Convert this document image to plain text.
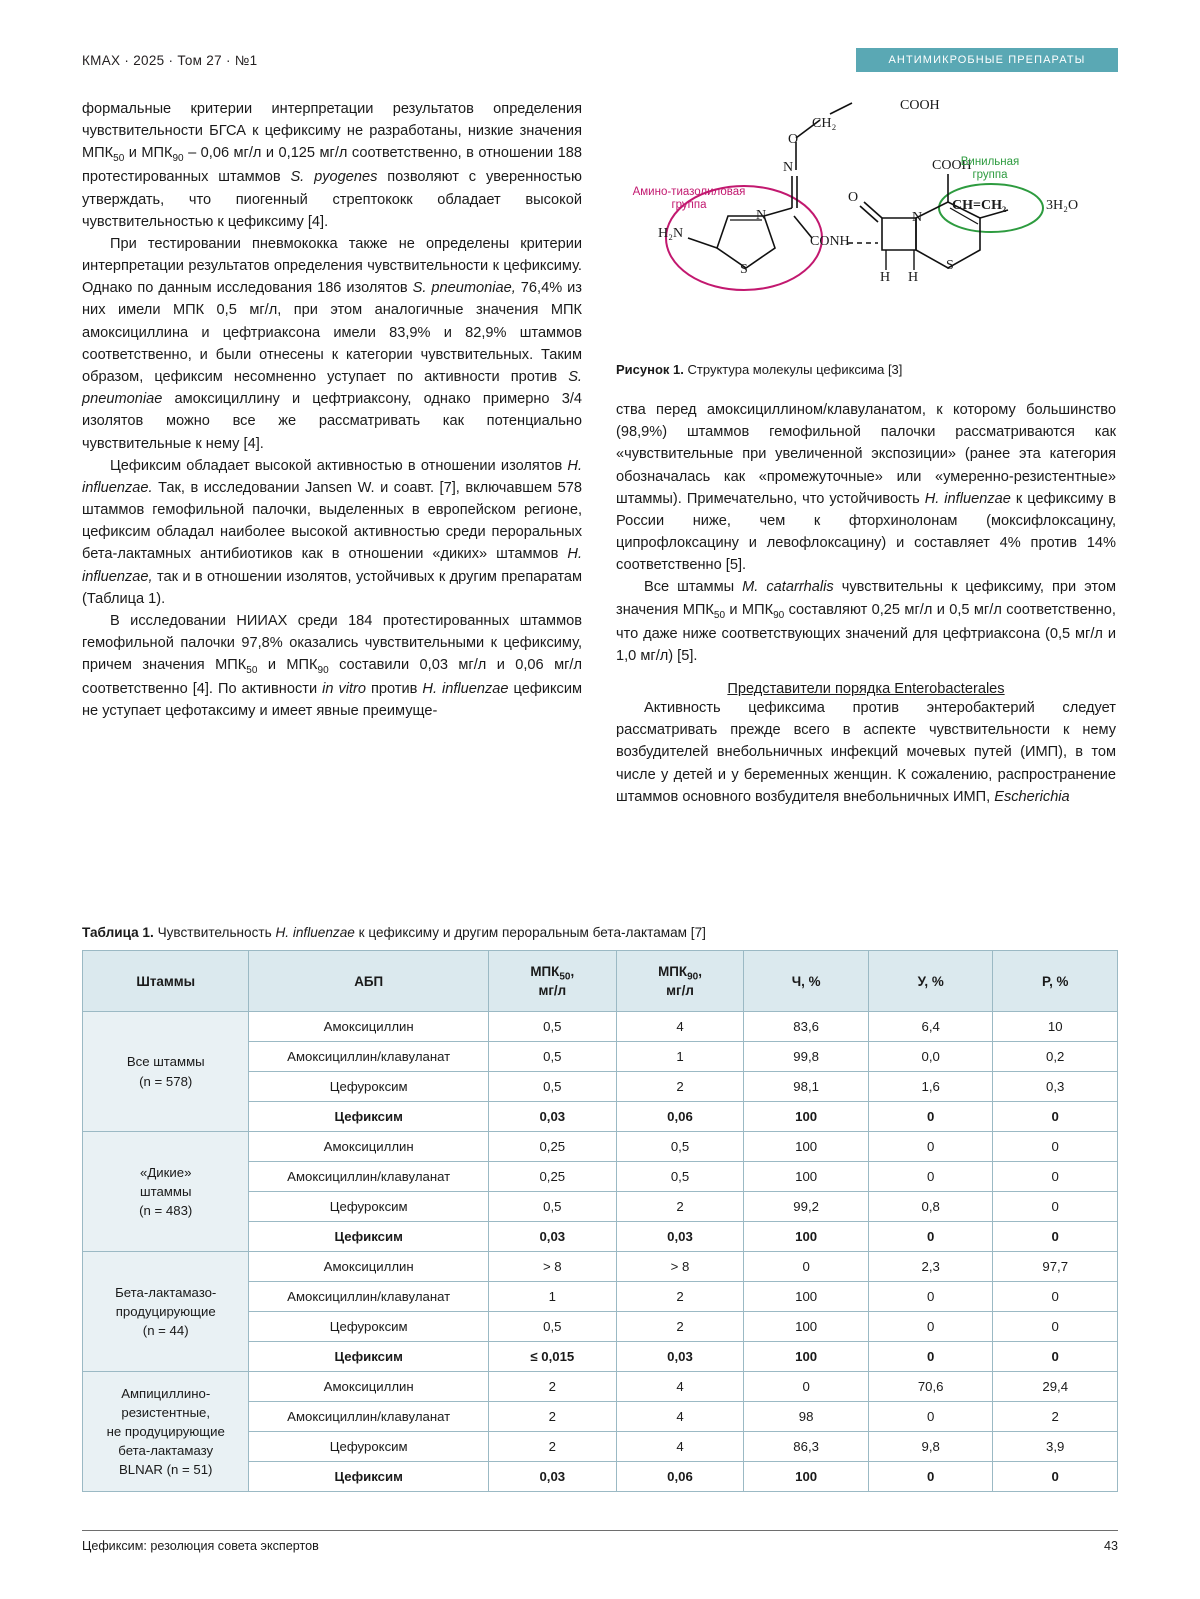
КМАХ · 2025 · Том 27 · №1	АНТИМИКРОБНЫЕ ПРЕПАРАТЫ

формальные критерии интерпретации результатов определения чувствительности БГСА к цефиксиму не разработаны, низкие значения $МПК_{50}$ и $МПК_{90} - 0,06$ мг/л и 0,125 мг/л соответственно, в отношении 188 протестированных штаммов S. pyogenes позволяют с уверенностью утверждать, что пиогенный стрептококк обладает высокой чувствительностью к цефиксиму [4].

При тестировании пневмококка также не определены критерии интерпретации результатов определения чувствительности к цефиксиму. Однако по данным исследования 186 изолятов S. pneumoniae, 76,4% из них имели МПК 0,5 мг/л, при этом аналогичные значения МПК амоксициллина и цефтриаксона имели 83,9% и 82,9% штаммов соответственно, и были отнесены к категории чувствительных. Таким образом, цефиксим несомненно уступает по активности против S. pneumoniae амоксициллину и цефтриаксону, однако примерно 3/4 изолятов можно все же рассматривать как потенциально чувствительные к нему [4].

Цефиксим обладает высокой активностью в отношении изолятов H. influenzae. Так, в исследовании Jansen W. и соавт. [7], включавшем 578 штаммов гемофильной палочки, выделенных в европейском регионе, цефиксим обладал наиболее высокой активностью среди пероральных бета-лактамных антибиотиков как в отношении «диких» штаммов H. influenzae, так и в отношении изолятов, устойчивых к другим препаратам (Таблица 1).

В исследовании НИИАХ среди 184 протестированных штаммов гемофильной палочки 97,8% оказались чувствительными к цефиксиму, причем значения $МПК_{50}$ и $МПК_{90}$ составили 0,03 мг/л и 0,06 мг/л соответственно [4]. По активности in vitro против H. influenzae цефиксим не уступает цефотаксиму и имеет явные преимуще-

COOH
CH₂
O
N	COOH
O
N
S
H₂N
N
S
CONH
CH=CH₂	3H₂O
H H
Амино-тиазолиловая
группа
Винильная
группа
Рисунок 1. Структура молекулы цефиксима [3]

ства перед амоксициллином/клавуланатом, к которому большинство (98,9%) штаммов гемофильной палочки рассматриваются как «чувствительные при увеличенной экспозиции» (ранее эта категория обозначалась как «промежуточные» или «умеренно-резистентные» штаммы). Примечательно, что устойчивость H. influenzae к цефиксиму в России ниже, чем к фторхинолонам (моксифлоксацину, ципрофлоксацину и левофлоксацину) и составляет 4% против 14% соответственно [5].

Все штаммы M. catarrhalis чувствительны к цефиксиму, при этом значения $МПК_{50}$ и $МПК_{90}$ составляют 0,25 мг/л и 0,5 мг/л соответственно, что даже ниже соответствующих значений для цефтриаксона (0,5 мг/л и 1,0 мг/л) [5].

Представители порядка Enterobacterales

Активность цефиксима против энтеробактерий следует рассматривать прежде всего в аспекте чувствительности к нему возбудителей внебольничных инфекций мочевых путей (ИМП), в том числе у детей и у беременных женщин. К сожалению, распространение штаммов основного возбудителя внебольничных ИМП, Escherichia

Таблица 1. Чувствительность H. influenzae к цефиксиму и другим пероральным бета-лактамам [7]
Штаммы	АБП	$МПК_{50}$,
мг/л	$МПК_{90}$,
мг/л	Ч, %	У, %	Р, %
Все штаммы
(n = 578)	Амоксициллин	0,5	4	83,6	6,4	10
	Амоксициллин/клавуланат	0,5	1	99,8	0,0	0,2
	Цефуроксим	0,5	2	98,1	1,6	0,3
	Цефиксим	0,03	0,06	100	0	0
«Дикие»
штаммы
(n = 483)	Амоксициллин	0,25	0,5	100	0	0
	Амоксициллин/клавуланат	0,25	0,5	100	0	0
	Цефуроксим	0,5	2	99,2	0,8	0
	Цефиксим	0,03	0,03	100	0	0
Бета-лактамазо-
продуцирующие
(n = 44)	Амоксициллин	> 8	> 8	0	2,3	97,7
	Амоксициллин/клавуланат	1	2	100	0	0
	Цефуроксим	0,5	2	100	0	0
	Цефиксим	≤ 0,015	0,03	100	0	0
Ампициллино-
резистентные,
не продуцирующие
бета-лактамазу
BLNAR (n = 51)	Амоксициллин	2	4	0	70,6	29,4
	Амоксициллин/клавуланат	2	4	98	0	2
	Цефуроксим	2	4	86,3	9,8	3,9
	Цефиксим	0,03	0,06	100	0	0
Цефиксим: резолюция совета экспертов	43
